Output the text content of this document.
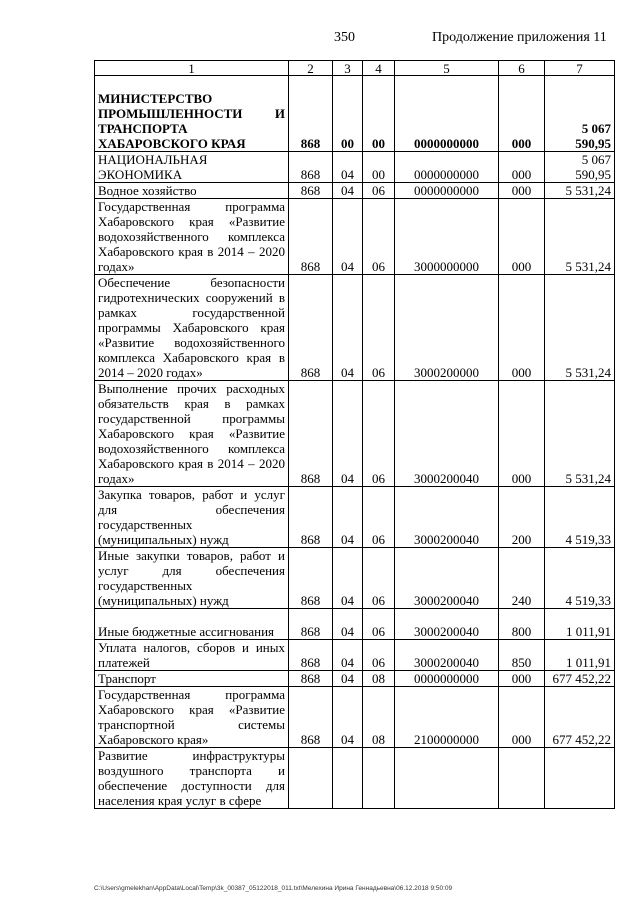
350	Продолжение приложения 11
1	2	3	4	5	6	7
МИНИСТЕРСТВО ПРОМЫШЛЕННОСТИ И ТРАНСПОРТА ХАБАРОВСКОГО КРАЯ	868	00	00	0000000000	000	5 067 590,95
НАЦИОНАЛЬНАЯ ЭКОНОМИКА	868	04	00	0000000000	000	5 067 590,95
Водное хозяйство	868	04	06	0000000000	000	5 531,24
Государственная программа Хабаровского края «Развитие водохозяйственного комплекса Хабаровского края в 2014 – 2020 годах»	868	04	06	3000000000	000	5 531,24
Обеспечение безопасности гидротехнических сооружений в рамках государственной программы Хабаровского края «Развитие водохозяйственного комплекса Хабаровского края в 2014 – 2020 годах»	868	04	06	3000200000	000	5 531,24
Выполнение прочих расходных обязательств края в рамках государственной программы Хабаровского края «Развитие водохозяйственного комплекса Хабаровского края в 2014 – 2020 годах»	868	04	06	3000200040	000	5 531,24
Закупка товаров, работ и услуг для обеспечения государственных (муниципальных) нужд	868	04	06	3000200040	200	4 519,33
Иные закупки товаров, работ и услуг для обеспечения государственных (муниципальных) нужд	868	04	06	3000200040	240	4 519,33
Иные бюджетные ассигнования	868	04	06	3000200040	800	1 011,91
Уплата налогов, сборов и иных платежей	868	04	06	3000200040	850	1 011,91
Транспорт	868	04	08	0000000000	000	677 452,22
Государственная программа Хабаровского края «Развитие транспортной системы Хабаровского края»	868	04	08	2100000000	000	677 452,22
Развитие инфраструктуры воздушного транспорта и обеспечение доступности для населения края услуг в сфере						
C:\Users\gmelekhan\AppData\Local\Temp\3k_00387_05122018_011.txt\Мелехина Ирина Геннадьевна\06.12.2018 9:50:09
